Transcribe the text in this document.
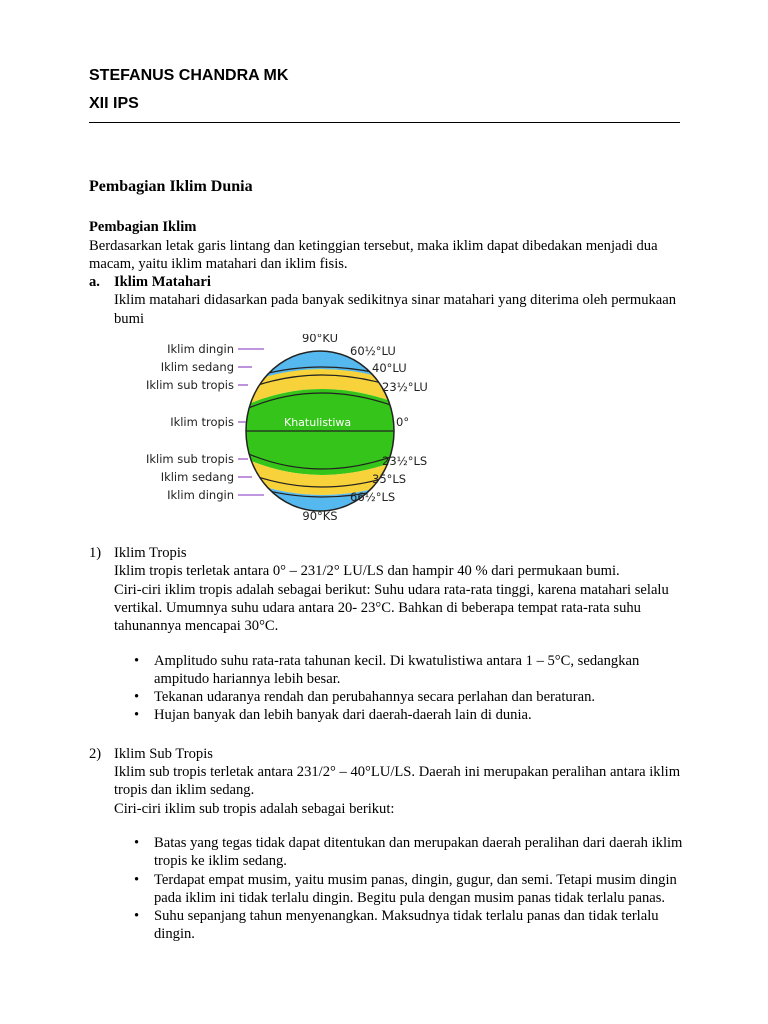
STEFANUS CHANDRA MK
XII IPS
Pembagian Iklim Dunia
Pembagian Iklim

Berdasarkan letak garis lintang dan ketinggian tersebut, maka iklim dapat dibedakan menjadi dua macam, yaitu iklim matahari dan iklim fisis.

a. Iklim Matahari

Iklim matahari didasarkan pada banyak sedikitnya sinar matahari yang diterima oleh permukaan bumi

Iklim dingin
Iklim sedang
Iklim sub tropis
Iklim tropis
Iklim sub tropis
Iklim sedang
Iklim dingin
90°KU
90°KS
60½°LU
40°LU
23½°LU
0°
23½°LS
35°LS
66½°LS
Khatulistiwa
1) Iklim Tropis

Iklim tropis terletak antara 0° – 231/2° LU/LS dan hampir 40 % dari permukaan bumi.

Ciri-ciri iklim tropis adalah sebagai berikut: Suhu udara rata-rata tinggi, karena matahari selalu vertikal. Umumnya suhu udara antara 20- 23°C. Bahkan di beberapa tempat rata-rata suhu tahunannya mencapai 30°C.

• Amplitudo suhu rata-rata tahunan kecil. Di kwatulistiwa antara 1 – 5°C, sedangkan ampitudo hariannya lebih besar.
• Tekanan udaranya rendah dan perubahannya secara perlahan dan beraturan.
• Hujan banyak dan lebih banyak dari daerah-daerah lain di dunia.
2) Iklim Sub Tropis

Iklim sub tropis terletak antara 231/2° – 40°LU/LS. Daerah ini merupakan peralihan antara iklim tropis dan iklim sedang.

Ciri-ciri iklim sub tropis adalah sebagai berikut:

• Batas yang tegas tidak dapat ditentukan dan merupakan daerah peralihan dari daerah iklim tropis ke iklim sedang.
• Terdapat empat musim, yaitu musim panas, dingin, gugur, dan semi. Tetapi musim dingin pada iklim ini tidak terlalu dingin. Begitu pula dengan musim panas tidak terlalu panas.
• Suhu sepanjang tahun menyenangkan. Maksudnya tidak terlalu panas dan tidak terlalu dingin.
